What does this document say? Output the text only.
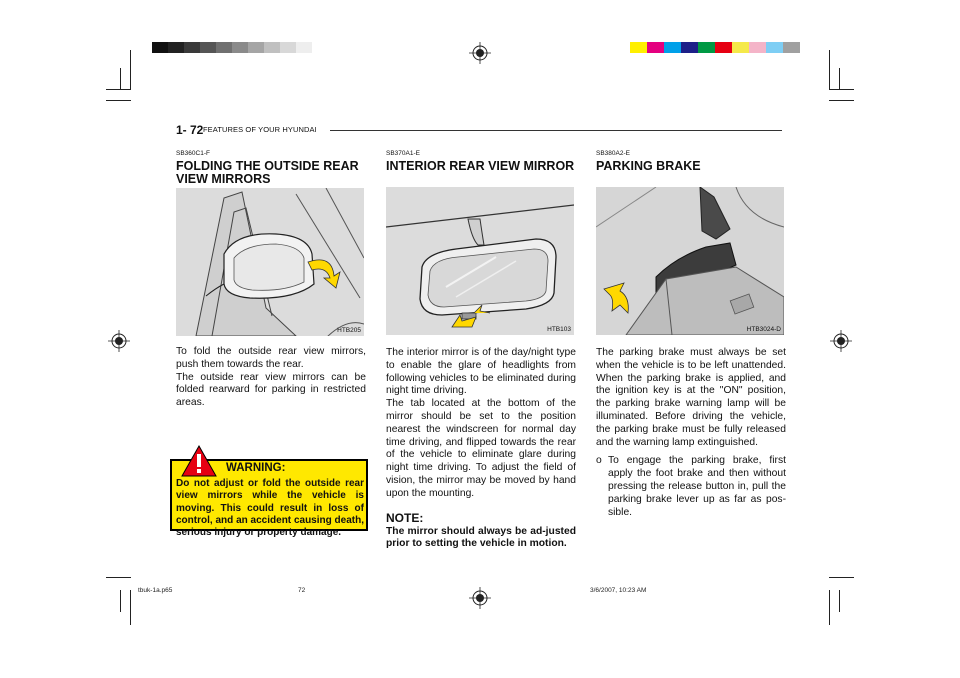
1- 72 FEATURES OF YOUR HYUNDAI
SB360C1-F
FOLDING THE OUTSIDE REAR
VIEW MIRRORS
HTB205

To fold the outside rear view mirrors, push them towards the rear.

The outside rear view mirrors can be folded rearward for parking in restricted areas.

WARNING:
Do not adjust or fold the outside rear view mirrors while the vehicle is moving. This could result in loss of control, and an accident causing death, serious injury or property damage.
SB370A1-E
INTERIOR REAR VIEW MIRROR
HTB103

The interior mirror is of the day/night type to enable the glare of headlights from following vehicles to be eliminated during night time driving.

The tab located at the bottom of the mirror should be set to the position nearest the windscreen for normal day time driving, and flipped towards the rear of the vehicle to eliminate glare during night time driving. To adjust the field of vision, the mirror may be moved by hand upon the mounting.

NOTE:

The mirror should always be ad-justed prior to setting the vehicle in motion.

SB380A2-E
PARKING BRAKE
HTB3024-D

The parking brake must always be set when the vehicle is to be left unattended. When the parking brake is applied, and the ignition key is at the "ON" position, the parking brake warning lamp will be illuminated. Before driving the vehicle, the parking brake must be fully released and the warning lamp extinguished.

o To engage the parking brake, first apply the foot brake and then without pressing the release button in, pull the parking brake lever up as far as pos-sible.
tbuk-1a.p65	72	3/6/2007, 10:23 AM
